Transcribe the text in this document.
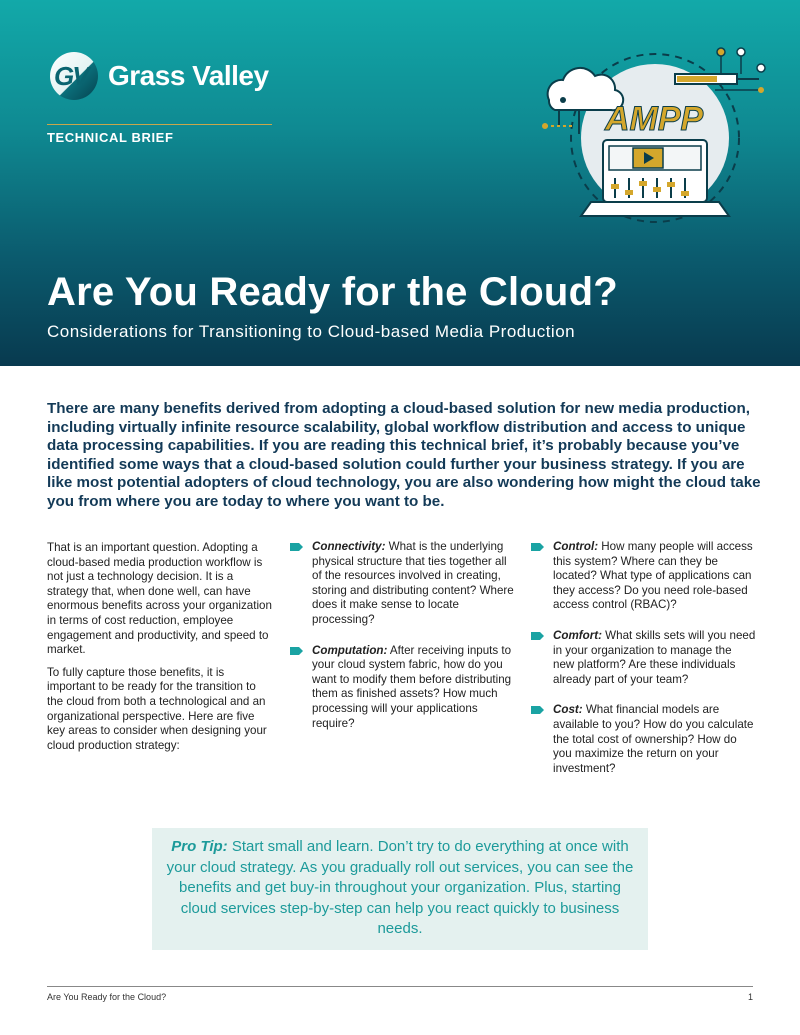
GV Grass Valley
TECHNICAL BRIEF	AMPP
Are You Ready for the Cloud?

Considerations for Transitioning to Cloud-based Media Production

There are many benefits derived from adopting a cloud-based solution for new media production, including virtually infinite resource scalability, global workflow distribution and access to unique data processing capabilities. If you are reading this technical brief, it’s probably because you’ve identified some ways that a cloud-based solution could further your business strategy. If you are like most potential adopters of cloud technology, you are also wondering how might the cloud take you from where you are today to where you want to be.

That is an important question. Adopting a cloud-based media production workflow is not just a technology decision. It is a strategy that, when done well, can have enormous benefits across your organization in terms of cost reduction, employee engagement and productivity, and speed to market.

To fully capture those benefits, it is important to be ready for the transition to the cloud from both a technological and an organizational perspective. Here are five key areas to consider when designing your cloud production strategy:

Connectivity: What is the underlying physical structure that ties together all of the resources involved in creating, storing and distributing content? Where does it make sense to locate processing?
Computation: After receiving inputs to your cloud system fabric, how do you want to modify them before distributing them as finished assets? How much processing will your applications require?
Control: How many people will access this system? Where can they be located? What type of applications can they access? Do you need role-based access control (RBAC)?
Comfort: What skills sets will you need in your organization to manage the new platform? Are these individuals already part of your team?
Cost: What financial models are available to you? How do you calculate the total cost of ownership? How do you maximize the return on your investment?

Pro Tip: Start small and learn. Don’t try to do everything at once with your cloud strategy. As you gradually roll out services, you can see the benefits and get buy-in throughout your organization. Plus, starting cloud services step-by-step can help you react quickly to business needs.

Are You Ready for the Cloud?	1
